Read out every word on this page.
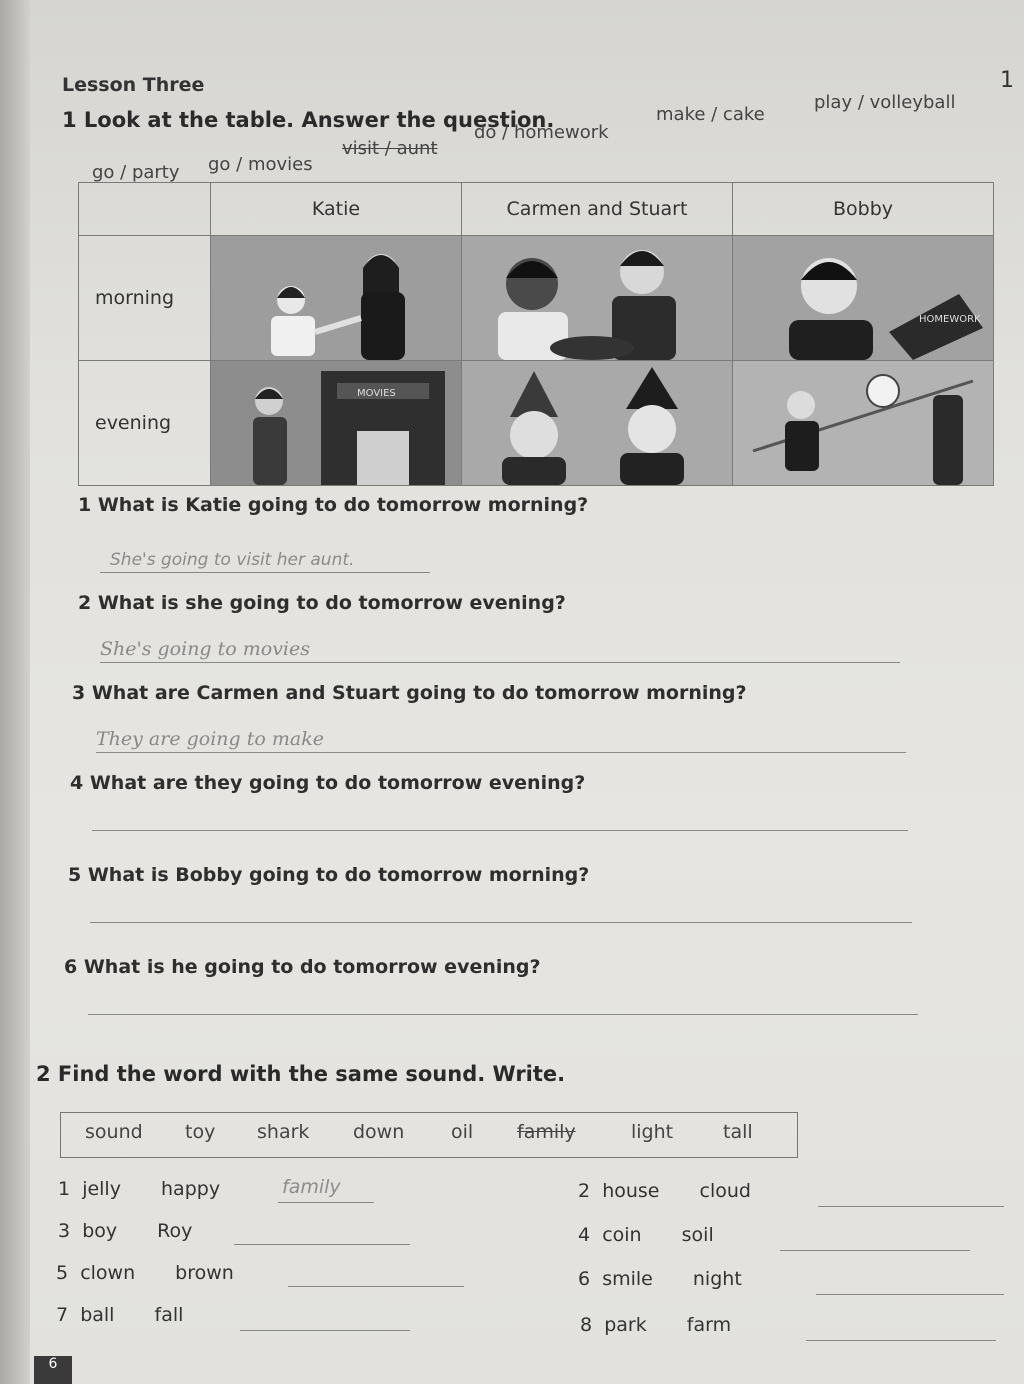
Lesson Three	1
1 Look at the table. Answer the question.
go / party go / movies
visit / aunt
do / homework
make / cake
play / volleyball
	Katie	Carmen and Stuart	Bobby
morning			HOMEWORK

evening	MOVIES

1 What is Katie going to do tomorrow morning?
She's going to visit her aunt.
2 What is she going to do tomorrow evening?
She's going to movies
3 What are Carmen and Stuart going to do tomorrow morning?
They are going to make
4 What are they going to do tomorrow evening?
5 What is Bobby going to do tomorrow morning?
6 What is he going to do tomorrow evening?
2 Find the word with the same sound. Write.
sound toy shark down oil family	light	tall
1 jelly happy	family
3 boy Roy
5 clown brown
7 ball fall
2 house cloud
4 coin soil
6 smile night
8 park farm
6
